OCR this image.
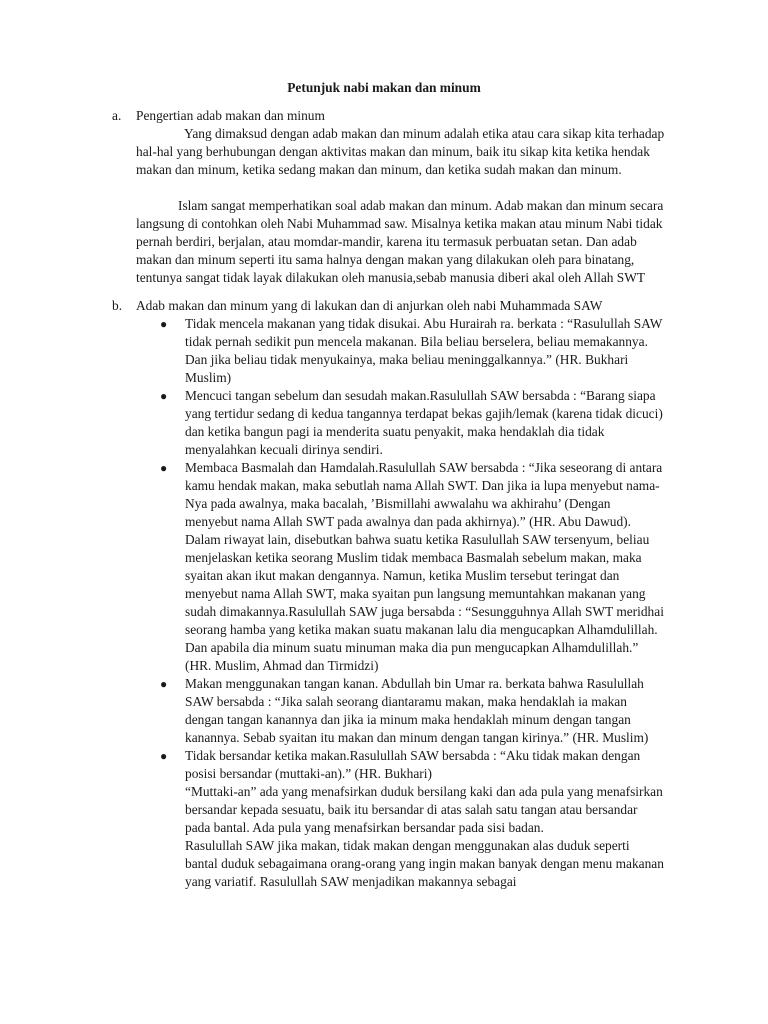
Petunjuk nabi makan dan minum
a. Pengertian adab makan dan minum

Yang dimaksud dengan adab makan dan minum adalah etika atau cara sikap kita terhadap hal-hal yang berhubungan dengan aktivitas makan dan minum, baik itu sikap kita ketika hendak makan dan minum, ketika sedang makan dan minum, dan ketika sudah makan dan minum.

Islam sangat memperhatikan soal adab makan dan minum. Adab makan dan minum secara langsung di contohkan oleh Nabi Muhammad saw. Misalnya ketika makan atau minum Nabi tidak pernah berdiri, berjalan, atau momdar-mandir, karena itu termasuk perbuatan setan. Dan adab makan dan minum seperti itu sama halnya dengan makan yang dilakukan oleh para binatang, tentunya sangat tidak layak dilakukan oleh manusia,sebab manusia diberi akal oleh Allah SWT

b. Adab makan dan minum yang di lakukan dan di anjurkan oleh nabi Muhammada SAW
● Tidak mencela makanan yang tidak disukai. Abu Hurairah ra. berkata : “Rasulullah SAW tidak pernah sedikit pun mencela makanan. Bila beliau berselera, beliau memakannya. Dan jika beliau tidak menyukainya, maka beliau meninggalkannya.” (HR. Bukhari Muslim)

● Mencuci tangan sebelum dan sesudah makan.Rasulullah SAW bersabda : “Barang siapa yang tertidur sedang di kedua tangannya terdapat bekas gajih/lemak (karena tidak dicuci) dan ketika bangun pagi ia menderita suatu penyakit, maka hendaklah dia tidak menyalahkan kecuali dirinya sendiri.

● Membaca Basmalah dan Hamdalah.Rasulullah SAW bersabda : “Jika seseorang di antara kamu hendak makan, maka sebutlah nama Allah SWT. Dan jika ia lupa menyebut nama-Nya pada awalnya, maka bacalah, ’Bismillahi awwalahu wa akhirahu’ (Dengan menyebut nama Allah SWT pada awalnya dan pada akhirnya).” (HR. Abu Dawud). Dalam riwayat lain, disebutkan bahwa suatu ketika Rasulullah SAW tersenyum, beliau menjelaskan ketika seorang Muslim tidak membaca Basmalah sebelum makan, maka syaitan akan ikut makan dengannya. Namun, ketika Muslim tersebut teringat dan menyebut nama Allah SWT, maka syaitan pun langsung memuntahkan makanan yang sudah dimakannya.Rasulullah SAW juga bersabda : “Sesungguhnya Allah SWT meridhai seorang hamba yang ketika makan suatu makanan lalu dia mengucapkan Alhamdulillah. Dan apabila dia minum suatu minuman maka dia pun mengucapkan Alhamdulillah.” (HR. Muslim, Ahmad dan Tirmidzi)

● Makan menggunakan tangan kanan. Abdullah bin Umar ra. berkata bahwa Rasulullah SAW bersabda : “Jika salah seorang diantaramu makan, maka hendaklah ia makan dengan tangan kanannya dan jika ia minum maka hendaklah minum dengan tangan kanannya. Sebab syaitan itu makan dan minum dengan tangan kirinya.” (HR. Muslim)

● Tidak bersandar ketika makan.Rasulullah SAW bersabda : “Aku tidak makan dengan posisi bersandar (muttaki-an).” (HR. Bukhari)

“Muttaki-an” ada yang menafsirkan duduk bersilang kaki dan ada pula yang menafsirkan bersandar kepada sesuatu, baik itu bersandar di atas salah satu tangan atau bersandar pada bantal. Ada pula yang menafsirkan bersandar pada sisi badan.

Rasulullah SAW jika makan, tidak makan dengan menggunakan alas duduk seperti bantal duduk sebagaimana orang-orang yang ingin makan banyak dengan menu makanan yang variatif. Rasulullah SAW menjadikan makannya sebagai
